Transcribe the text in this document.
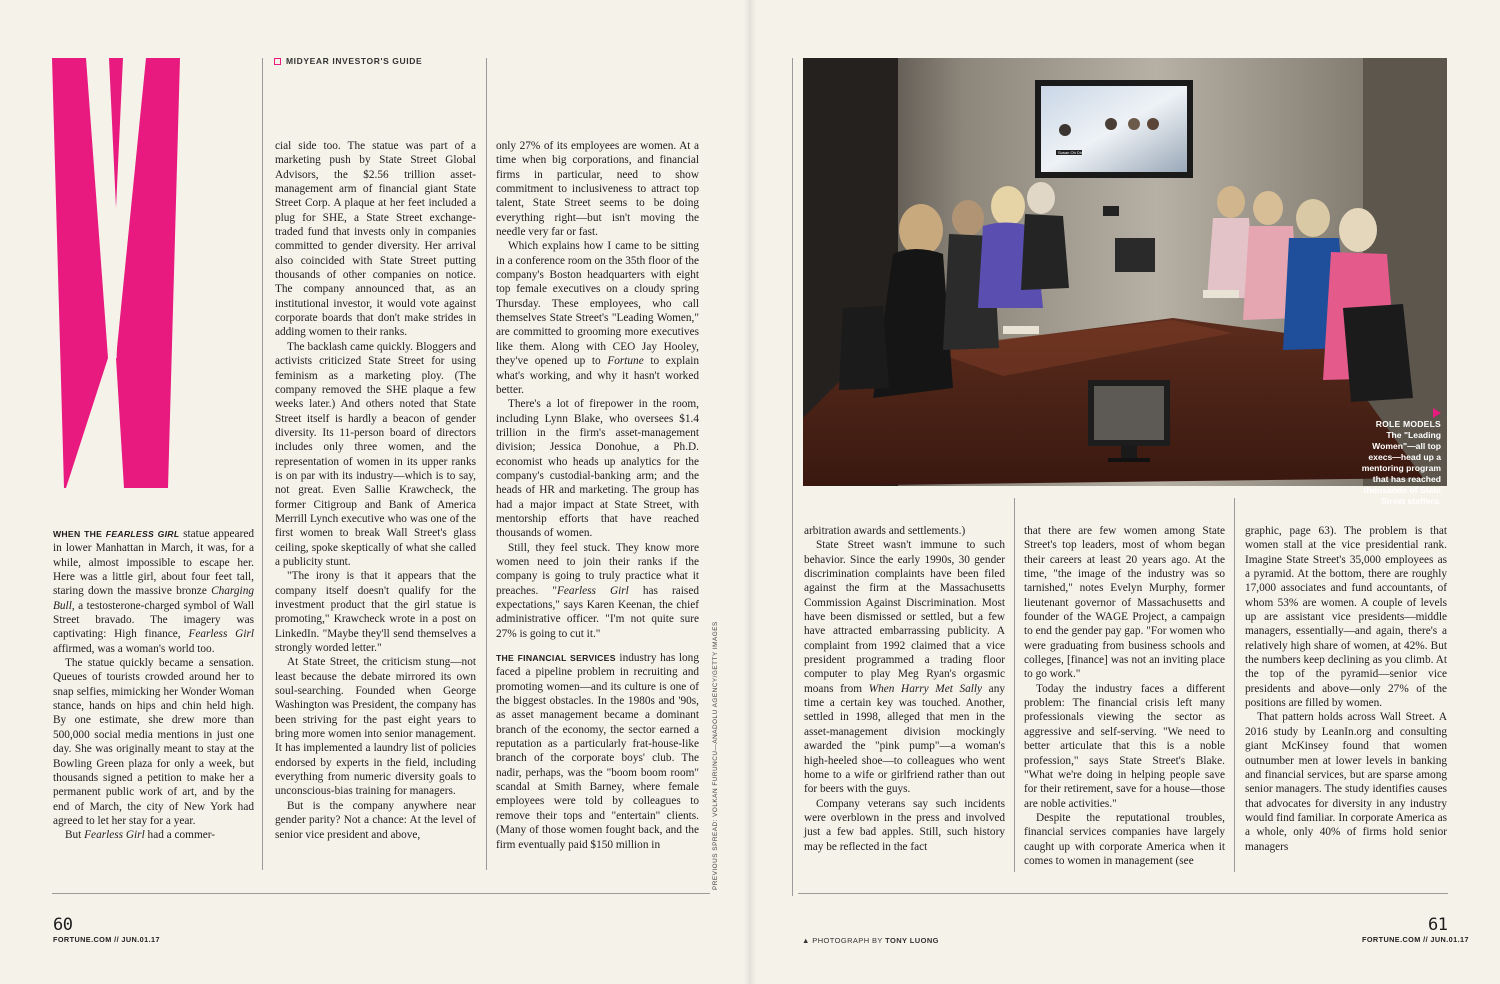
MIDYEAR INVESTOR'S GUIDE

WHEN THE FEARLESS GIRL statue appeared in lower Manhattan in March, it was, for a while, almost impossible to escape her. Here was a little girl, about four feet tall, staring down the massive bronze Charging Bull, a testosterone-charged symbol of Wall Street bravado. The imagery was captivating: High finance, Fearless Girl affirmed, was a woman's world too.

The statue quickly became a sensation. Queues of tourists crowded around her to snap selfies, mimicking her Wonder Woman stance, hands on hips and chin held high. By one estimate, she drew more than 500,000 social media mentions in just one day. She was originally meant to stay at the Bowling Green plaza for only a week, but thousands signed a petition to make her a permanent public work of art, and by the end of March, the city of New York had agreed to let her stay for a year.

But Fearless Girl had a commer-

cial side too. The statue was part of a marketing push by State Street Global Advisors, the $2.56 trillion asset-management arm of financial giant State Street Corp. A plaque at her feet included a plug for SHE, a State Street exchange-traded fund that invests only in companies committed to gender diversity. Her arrival also coincided with State Street putting thousands of other companies on notice. The company announced that, as an institutional investor, it would vote against corporate boards that don't make strides in adding women to their ranks.

The backlash came quickly. Bloggers and activists criticized State Street for using feminism as a marketing ploy. (The company removed the SHE plaque a few weeks later.) And others noted that State Street itself is hardly a beacon of gender diversity. Its 11-person board of directors includes only three women, and the representation of women in its upper ranks is on par with its industry—which is to say, not great. Even Sallie Krawcheck, the former Citigroup and Bank of America Merrill Lynch executive who was one of the first women to break Wall Street's glass ceiling, spoke skeptically of what she called a publicity stunt.

"The irony is that it appears that the company itself doesn't qualify for the investment product that the girl statue is promoting," Krawcheck wrote in a post on LinkedIn. "Maybe they'll send themselves a strongly worded letter."

At State Street, the criticism stung—not least because the debate mirrored its own soul-searching. Founded when George Washington was President, the company has been striving for the past eight years to bring more women into senior management. It has implemented a laundry list of policies endorsed by experts in the field, including everything from numeric diversity goals to unconscious-bias training for managers.

But is the company anywhere near gender parity? Not a chance: At the level of senior vice president and above,

only 27% of its employees are women. At a time when big corporations, and financial firms in particular, need to show commitment to inclusiveness to attract top talent, State Street seems to be doing everything right—but isn't moving the needle very far or fast.

Which explains how I came to be sitting in a conference room on the 35th floor of the company's Boston headquarters with eight top female executives on a cloudy spring Thursday. These employees, who call themselves State Street's "Leading Women," are committed to grooming more executives like them. Along with CEO Jay Hooley, they've opened up to Fortune to explain what's working, and why it hasn't worked better.

There's a lot of firepower in the room, including Lynn Blake, who oversees $1.4 trillion in the firm's asset-management division; Jessica Donohue, a Ph.D. economist who heads up analytics for the company's custodial-banking arm; and the heads of HR and marketing. The group has had a major impact at State Street, with mentorship efforts that have reached thousands of women.

Still, they feel stuck. They know more women need to join their ranks if the company is going to truly practice what it preaches. "Fearless Girl has raised expectations," says Karen Keenan, the chief administrative officer. "I'm not quite sure 27% is going to cut it."

THE FINANCIAL SERVICES industry has long faced a pipeline problem in recruiting and promoting women—and its culture is one of the biggest obstacles. In the 1980s and '90s, as asset management became a dominant branch of the economy, the sector earned a reputation as a particularly frat-house-like branch of the corporate boys' club. The nadir, perhaps, was the "boom boom room" scandal at Smith Barney, where female employees were told by colleagues to remove their tops and "entertain" clients. (Many of those women fought back, and the firm eventually paid $150 million in	PREVIOUS SPREAD: VOLKAN FURUNCU—ANADOLU AGENCY/GETTY IMAGES
60
FORTUNE.COM // JUN.01.17
Susan Oh Dio
ROLE MODELS
The "Leading Women"—all top execs—head up a mentoring program that has reached thousands of State Street staffers.

arbitration awards and settlements.)

State Street wasn't immune to such behavior. Since the early 1990s, 30 gender discrimination complaints have been filed against the firm at the Massachusetts Commission Against Discrimination. Most have been dismissed or settled, but a few have attracted embarrassing publicity. A complaint from 1992 claimed that a vice president programmed a trading floor computer to play Meg Ryan's orgasmic moans from When Harry Met Sally any time a certain key was touched. Another, settled in 1998, alleged that men in the asset-management division mockingly awarded the "pink pump"—a woman's high-heeled shoe—to colleagues who went home to a wife or girlfriend rather than out for beers with the guys.

Company veterans say such incidents were overblown in the press and involved just a few bad apples. Still, such history may be reflected in the fact

that there are few women among State Street's top leaders, most of whom began their careers at least 20 years ago. At the time, "the image of the industry was so tarnished," notes Evelyn Murphy, former lieutenant governor of Massachusetts and founder of the WAGE Project, a campaign to end the gender pay gap. "For women who were graduating from business schools and colleges, [finance] was not an inviting place to go work."

Today the industry faces a different problem: The financial crisis left many professionals viewing the sector as aggressive and self-serving. "We need to better articulate that this is a noble profession," says State Street's Blake. "What we're doing in helping people save for their retirement, save for a house—those are noble activities."

Despite the reputational troubles, financial services companies have largely caught up with corporate America when it comes to women in management (see

graphic, page 63). The problem is that women stall at the vice presidential rank. Imagine State Street's 35,000 employees as a pyramid. At the bottom, there are roughly 17,000 associates and fund accountants, of whom 53% are women. A couple of levels up are assistant vice presidents—middle managers, essentially—and again, there's a relatively high share of women, at 42%. But the numbers keep declining as you climb. At the top of the pyramid—senior vice presidents and above—only 27% of the positions are filled by women.

That pattern holds across Wall Street. A 2016 study by LeanIn.org and consulting giant McKinsey found that women outnumber men at lower levels in banking and financial services, but are sparse among senior managers. The study identifies causes that advocates for diversity in any industry would find familiar. In corporate America as a whole, only 40% of firms hold senior managers

▲ PHOTOGRAPH BY TONY LUONG
61
FORTUNE.COM // JUN.01.17
